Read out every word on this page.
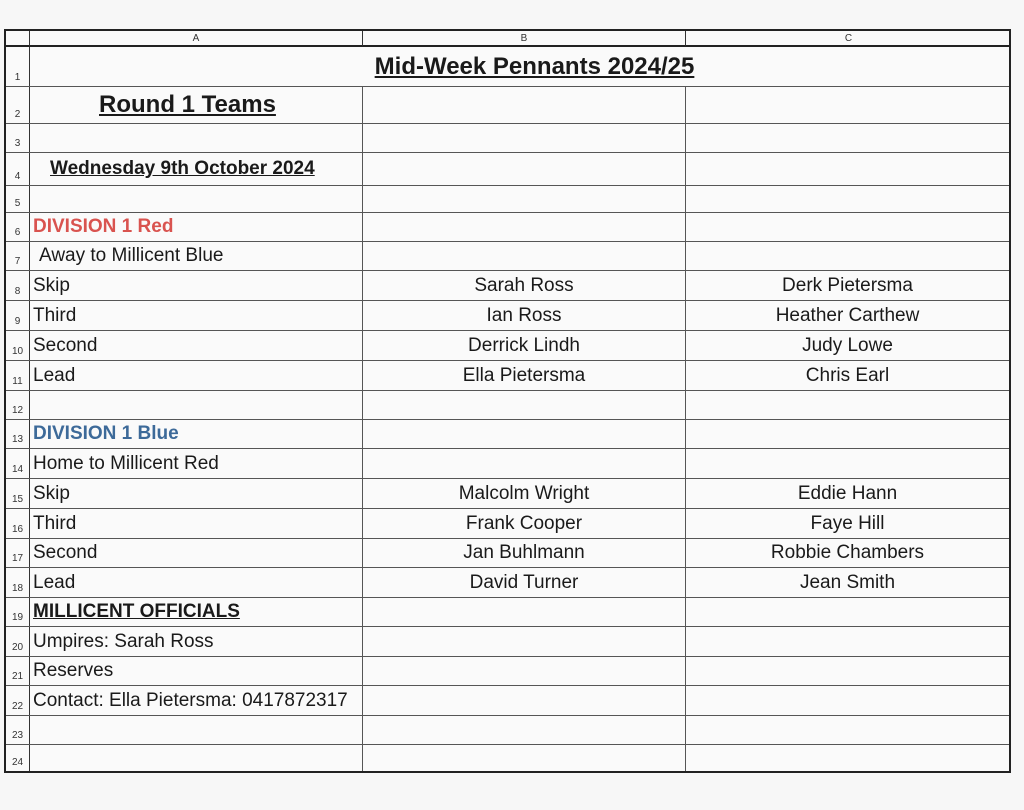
A	B	C
1	Mid-Week Pennants 2024/25
2	Round 1 Teams
3
4	Wednesday 9th October 2024
5
6 DIVISION 1 Red
7 Away to Millicent Blue
8 Skip	Sarah Ross	Derk Pietersma
9 Third	Ian Ross	Heather Carthew
10 Second	Derrick Lindh	Judy Lowe
11 Lead	Ella Pietersma	Chris Earl
12
13 DIVISION 1 Blue
14 Home to Millicent Red
15 Skip	Malcolm Wright	Eddie Hann
16 Third	Frank Cooper	Faye Hill
17 Second	Jan Buhlmann	Robbie Chambers
18 Lead	David Turner	Jean Smith
19 MILLICENT OFFICIALS
20 Umpires: Sarah Ross
21 Reserves
22 Contact: Ella Pietersma: 0417872317
23
24
